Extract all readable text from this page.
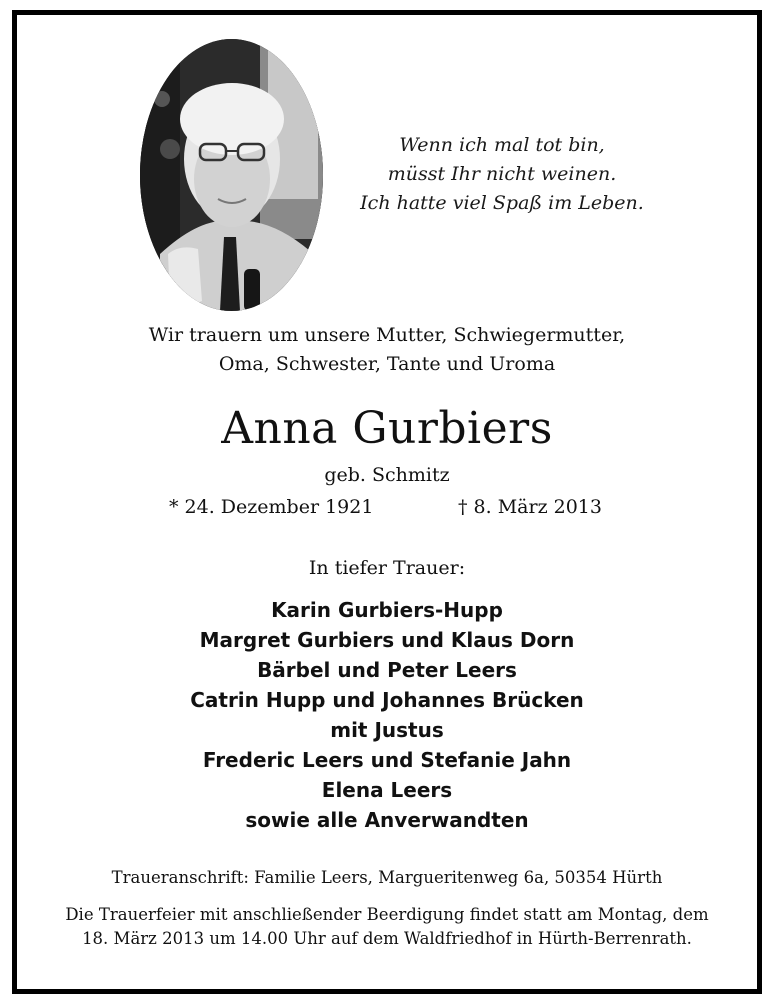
Wenn ich mal tot bin,
müsst Ihr nicht weinen.
Ich hatte viel Spaß im Leben.
Wir trauern um unsere Mutter, Schwiegermutter,
Oma, Schwester, Tante und Uroma
Anna Gurbiers
geb. Schmitz
* 24. Dezember 1921	† 8. März 2013
In tiefer Trauer:
Karin Gurbiers-Hupp
Margret Gurbiers und Klaus Dorn
Bärbel und Peter Leers
Catrin Hupp und Johannes Brücken
mit Justus
Frederic Leers und Stefanie Jahn
Elena Leers
sowie alle Anverwandten
Traueranschrift: Familie Leers, Margueritenweg 6a, 50354 Hürth
Die Trauerfeier mit anschließender Beerdigung findet statt am Montag, dem
18. März 2013 um 14.00 Uhr auf dem Waldfriedhof in Hürth-Berrenrath.
